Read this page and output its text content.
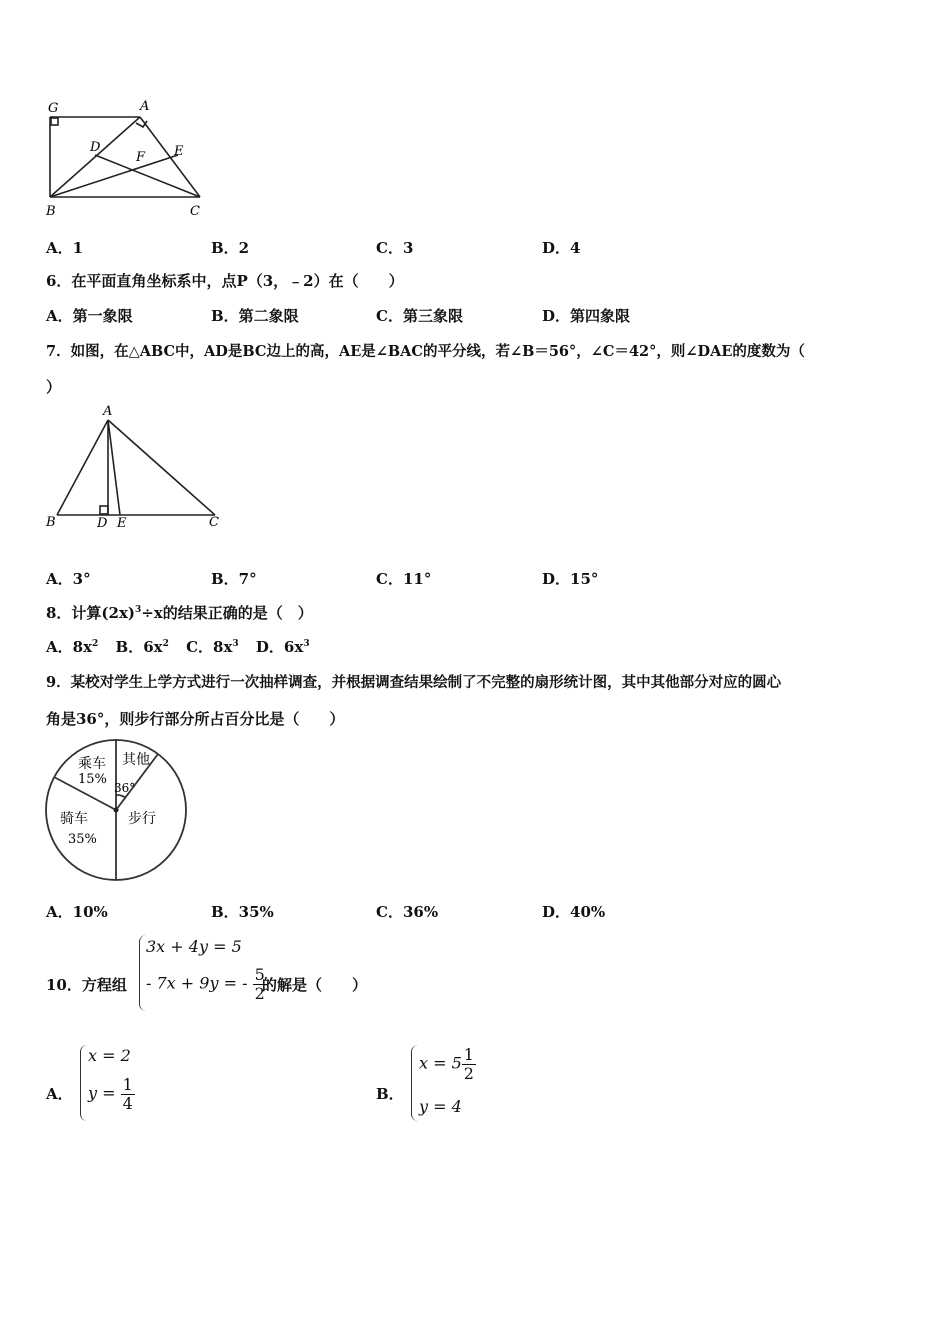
G	A
D
F E
B	C
A．1	B．2	C．3	D．4
6．在平面直角坐标系中，点P（3，﹣2）在（　　）
A．第一象限	B．第二象限	C．第三象限	D．第四象限
7．如图，在△ABC中，AD是BC边上的高，AE是∠BAC的平分线，若∠B＝56°，∠C＝42°，则∠DAE的度数为（
）
A
B	D E	C
A．3°	B．7°	C．11°	D．15°
8．计算$(2x)^3\div x$的结果正确的是（　）
A．$8x^2$ B．$6x^2$ C．$8x^3$ D．$6x^3$
9．某校对学生上学方式进行一次抽样调查，并根据调查结果绘制了不完整的扇形统计图，其中其他部分对应的圆心
角是36°，则步行部分所占百分比是（　　）
乘车
15%
其他
36°
步行
骑车
35%
A．10%	B．35%	C．36%	D．40%
10．方程组
3x + 4y = 5
- 7x + 9y = - $\frac{5}{2}$
的解是（　　）
A．
x = 2
$y = \frac{1}{4}$	B．
$x = 5 \frac{1}{2}$
y = 4
